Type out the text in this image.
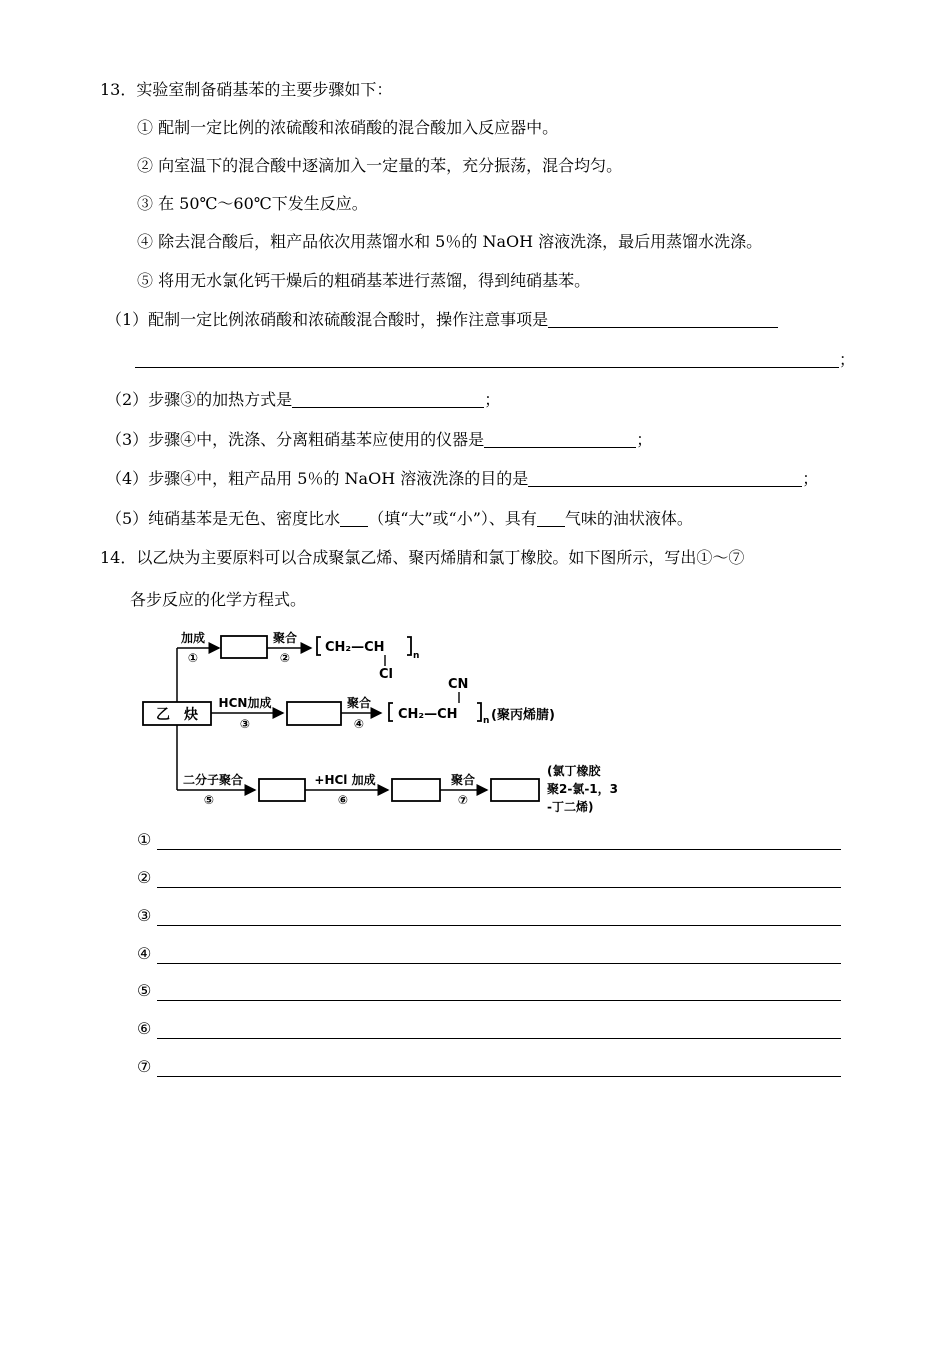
13．实验室制备硝基苯的主要步骤如下：
① 配制一定比例的浓硫酸和浓硝酸的混合酸加入反应器中。
② 向室温下的混合酸中逐滴加入一定量的苯，充分振荡，混合均匀。
③ 在 50℃～60℃下发生反应。
④ 除去混合酸后，粗产品依次用蒸馏水和 5％的 NaOH 溶液洗涤，最后用蒸馏水洗涤。
⑤ 将用无水氯化钙干燥后的粗硝基苯进行蒸馏，得到纯硝基苯。
（1）配制一定比例浓硝酸和浓硫酸混合酸时，操作注意事项是
；
（2）步骤③的加热方式是	；
（3）步骤④中，洗涤、分离粗硝基苯应使用的仪器是	；
（4）步骤④中，粗产品用 5％的 NaOH 溶液洗涤的目的是	；
（5）纯硝基苯是无色、密度比水 （填“大”或“小”）、具有 气味的油状液体。
14．以乙炔为主要原料可以合成聚氯乙烯、聚丙烯腈和氯丁橡胶。如下图所示，写出①～⑦
各步反应的化学方程式。
乙　炔
加成
①
聚合
②
CH₂—CH
n
Cl
HCN加成
③
聚合
④
CH₂—CH	n (聚丙烯腈)
CN
二分子聚合
⑤
+HCl 加成
⑥
聚合
⑦
(氯丁橡胶
聚2-氯-1，3
-丁二烯)
①
②
③
④
⑤
⑥
⑦
